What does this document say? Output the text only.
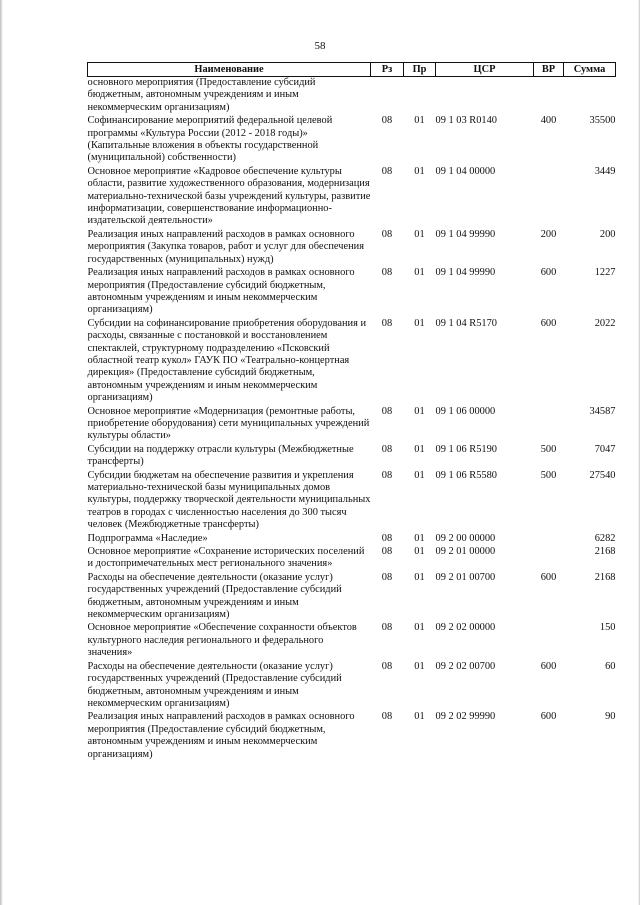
58
Наименование	Рз	Пр	ЦСР	ВР	Сумма
основного мероприятия (Предоставление субсидий бюджетным, автономным учреждениям и иным некоммерческим организациям)					
Софинансирование мероприятий федеральной целевой программы «Культура России (2012 - 2018 годы)» (Капитальные вложения в объекты государственной (муниципальной) собственности)	08	01	09 1 03 R0140	400	35500
Основное мероприятие «Кадровое обеспечение культуры области, развитие художественного образования, модернизация материально-технической базы учреждений культуры, развитие информатизации, совершенствование информационно-издательской деятельности»	08	01	09 1 04 00000		3449
Реализация иных направлений расходов в рамках основного мероприятия (Закупка товаров, работ и услуг для обеспечения государственных (муниципальных) нужд)	08	01	09 1 04 99990	200	200
Реализация иных направлений расходов в рамках основного мероприятия (Предоставление субсидий бюджетным, автономным учреждениям и иным некоммерческим организациям)	08	01	09 1 04 99990	600	1227
Субсидии на софинансирование приобретения оборудования и расходы, связанные с постановкой и восстановлением спектаклей, структурному подразделению «Псковский областной театр кукол» ГАУК ПО «Театрально-концертная дирекция» (Предоставление субсидий бюджетным, автономным учреждениям и иным некоммерческим организациям)	08	01	09 1 04 R5170	600	2022
Основное мероприятие «Модернизация (ремонтные работы, приобретение оборудования) сети муниципальных учреждений культуры области»	08	01	09 1 06 00000		34587
Субсидии на поддержку отрасли культуры (Межбюджетные трансферты)	08	01	09 1 06 R5190	500	7047
Субсидии бюджетам на обеспечение развития и укрепления материально-технической базы муниципальных домов культуры, поддержку творческой деятельности муниципальных театров в городах с численностью населения до 300 тысяч человек (Межбюджетные трансферты)	08	01	09 1 06 R5580	500	27540
Подпрограмма «Наследие»	08	01	09 2 00 00000		6282
Основное мероприятие «Сохранение исторических поселений и достопримечательных мест регионального значения»	08	01	09 2 01 00000		2168
Расходы на обеспечение деятельности (оказание услуг) государственных учреждений (Предоставление субсидий бюджетным, автономным учреждениям и иным некоммерческим организациям)	08	01	09 2 01 00700	600	2168
Основное мероприятие «Обеспечение сохранности объектов культурного наследия регионального и федерального значения»	08	01	09 2 02 00000		150
Расходы на обеспечение деятельности (оказание услуг) государственных учреждений (Предоставление субсидий бюджетным, автономным учреждениям и иным некоммерческим организациям)	08	01	09 2 02 00700	600	60
Реализация иных направлений расходов в рамках основного мероприятия (Предоставление субсидий бюджетным, автономным учреждениям и иным некоммерческим организациям)	08	01	09 2 02 99990	600	90
